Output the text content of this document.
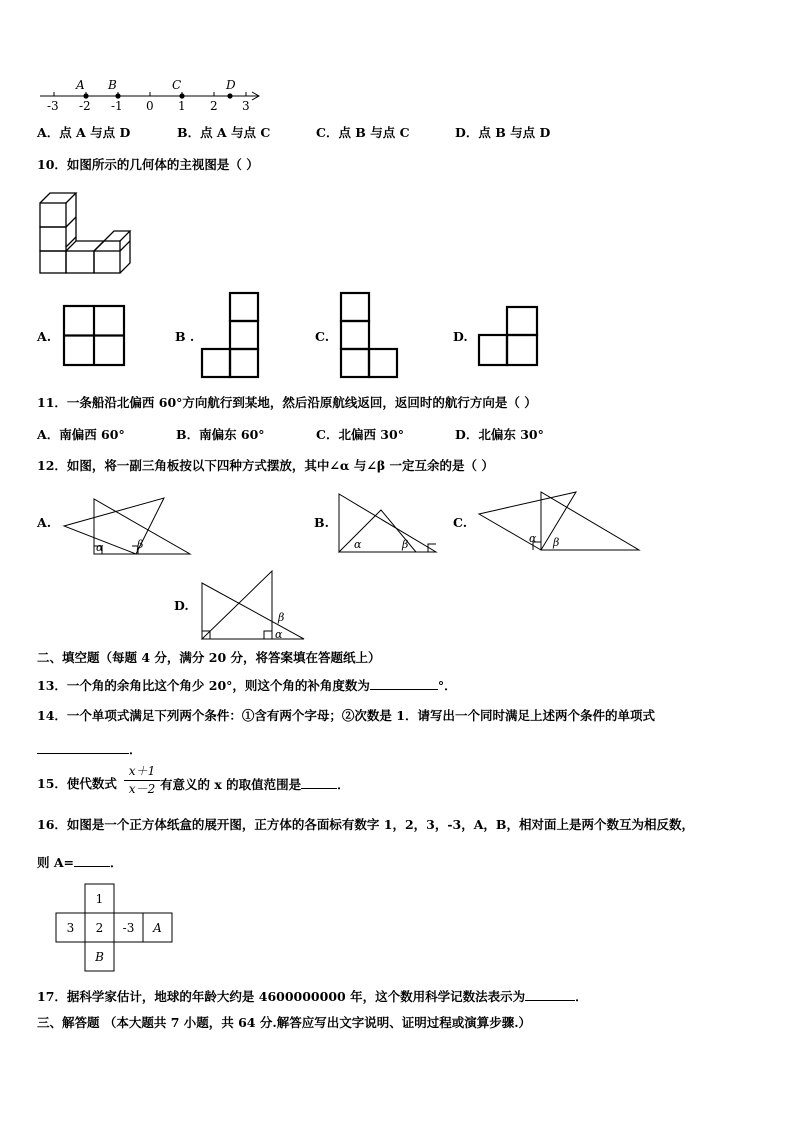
-3 -2 -1 0 1 2 3
A B	C	D
A．点 A 与点 D	B．点 A 与点 C	C．点 B 与点 C	D．点 B 与点 D
10．如图所示的几何体的主视图是（ ）
A.	B .	C.	D.
11．一条船沿北偏西 60°方向航行到某地，然后沿原航线返回，返回时的航行方向是（ ）
A．南偏西 60°	B．南偏东 60°	C．北偏西 30°	D．北偏东 30°
12．如图，将一副三角板按以下四种方式摆放，其中∠α 与∠β 一定互余的是（ ）
A.
α	β
B.
α	β
C.
α β
D.
β
α
二、填空题（每题 4 分，满分 20 分，将答案填在答题纸上）
13．一个角的余角比这个角少 20°，则这个角的补角度数为	°．
14．一个单项式满足下列两个条件：①含有两个字母；②次数是 1．请写出一个同时满足上述两个条件的单项式
．
15．使代数式
x＋1
x－2 有意义的 x 的取值范围是	．
16．如图是一个正方体纸盒的展开图，正方体的各面标有数字 1，2，3，-3，A，B，相对面上是两个数互为相反数，
则 A=	．
1
3 2 -3 A
B
17．据科学家估计，地球的年龄大约是 4600000000 年，这个数用科学记数法表示为	．
三、解答题 （本大题共 7 小题，共 64 分.解答应写出文字说明、证明过程或演算步骤.）
